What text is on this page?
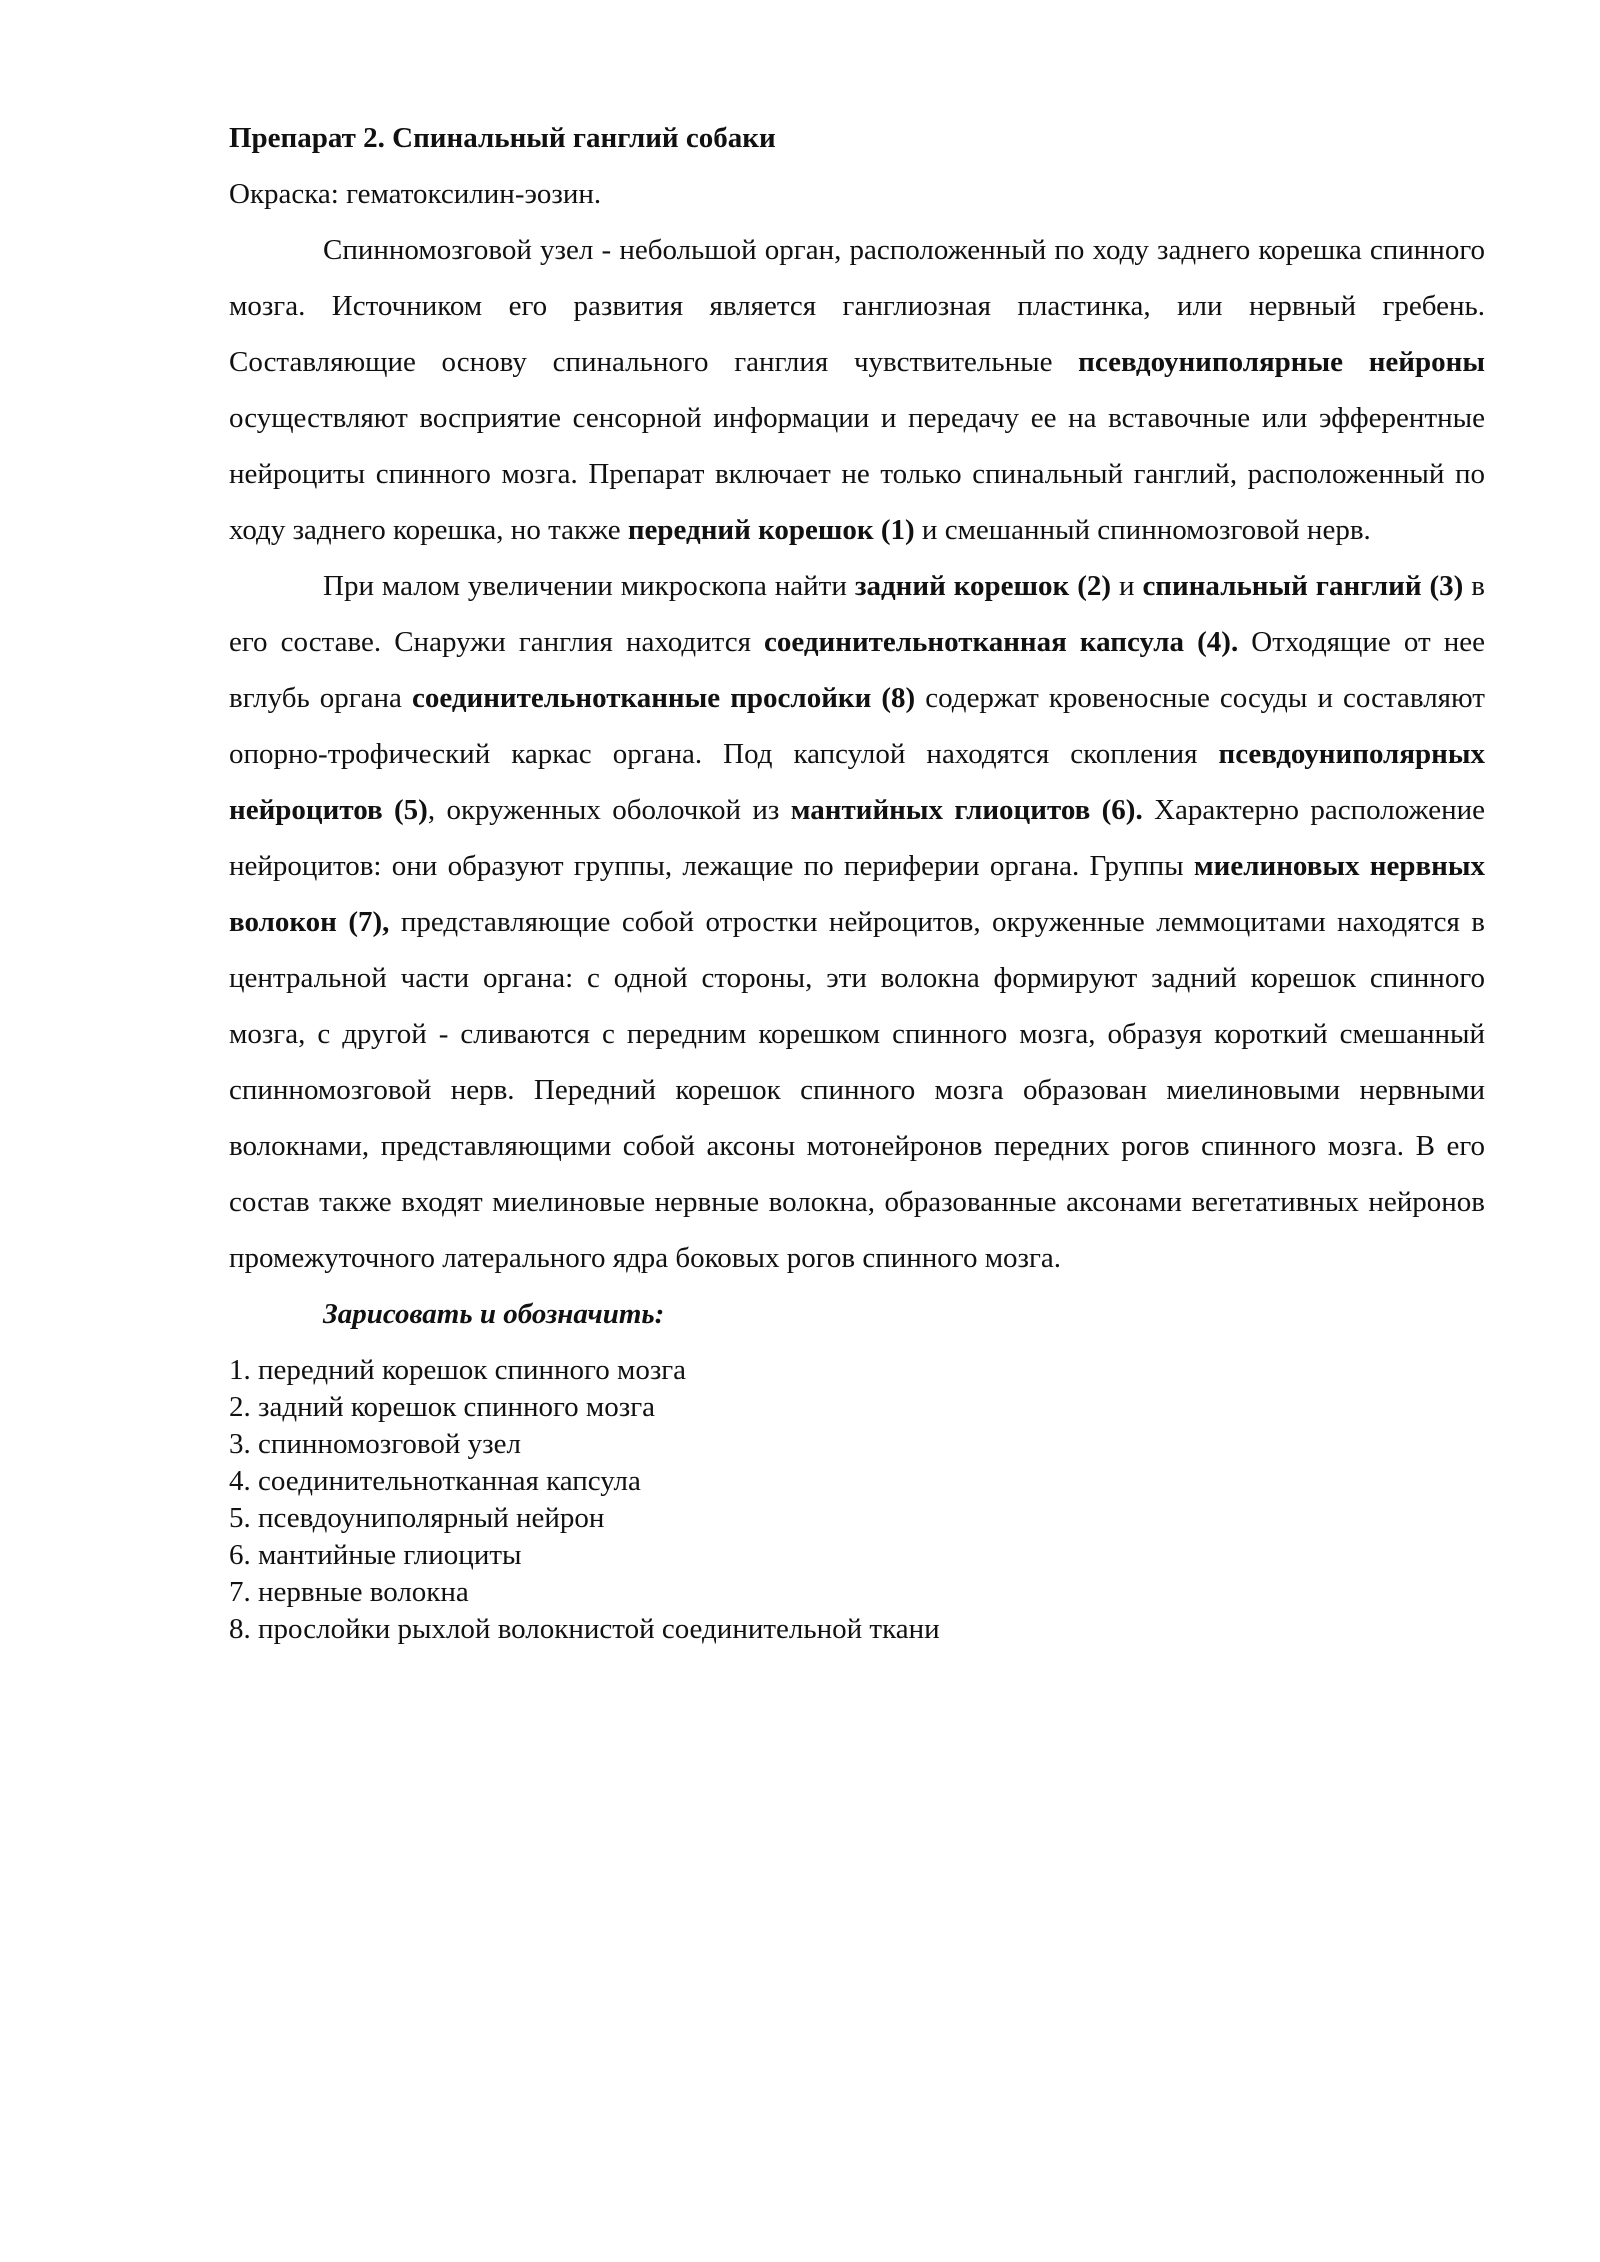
Препарат 2. Спинальный ганглий собаки

Окраска: гематоксилин-эозин.

Спинномозговой узел - небольшой орган, расположенный по ходу заднего корешка спинного мозга. Источником его развития является ганглиозная пластинка, или нервный гребень. Составляющие основу спинального ганглия чувствительные псевдоуниполярные нейроны осуществляют восприятие сенсорной информации и передачу ее на вставочные или эфферентные нейроциты спинного мозга. Препарат включает не только спинальный ганглий, расположенный по ходу заднего корешка, но также передний корешок (1) и смешанный спинномозговой нерв.

При малом увеличении микроскопа найти задний корешок (2) и спинальный ганглий (3) в его составе. Снаружи ганглия находится соединительнотканная капсула (4). Отходящие от нее вглубь органа соединительнотканные прослойки (8) содержат кровеносные сосуды и составляют опорно-трофический каркас органа. Под капсулой находятся скопления псевдоуниполярных нейроцитов (5), окруженных оболочкой из мантийных глиоцитов (6). Характерно расположение нейроцитов: они образуют группы, лежащие по периферии органа. Группы миелиновых нервных волокон (7), представляющие собой отростки нейроцитов, окруженные леммоцитами находятся в центральной части органа: с одной стороны, эти волокна формируют задний корешок спинного мозга, с другой - сливаются с передним корешком спинного мозга, образуя короткий смешанный спинномозговой нерв. Передний корешок спинного мозга образован миелиновыми нервными волокнами, представляющими собой аксоны мотонейронов передних рогов спинного мозга. В его состав также входят миелиновые нервные волокна, образованные аксонами вегетативных нейронов промежуточного латерального ядра боковых рогов спинного мозга.

Зарисовать и обозначить:

1. передний корешок спинного мозга
2. задний корешок спинного мозга
3. спинномозговой узел
4. соединительнотканная капсула
5. псевдоуниполярный нейрон
6. мантийные глиоциты
7. нервные волокна
8. прослойки рыхлой волокнистой соединительной ткани
